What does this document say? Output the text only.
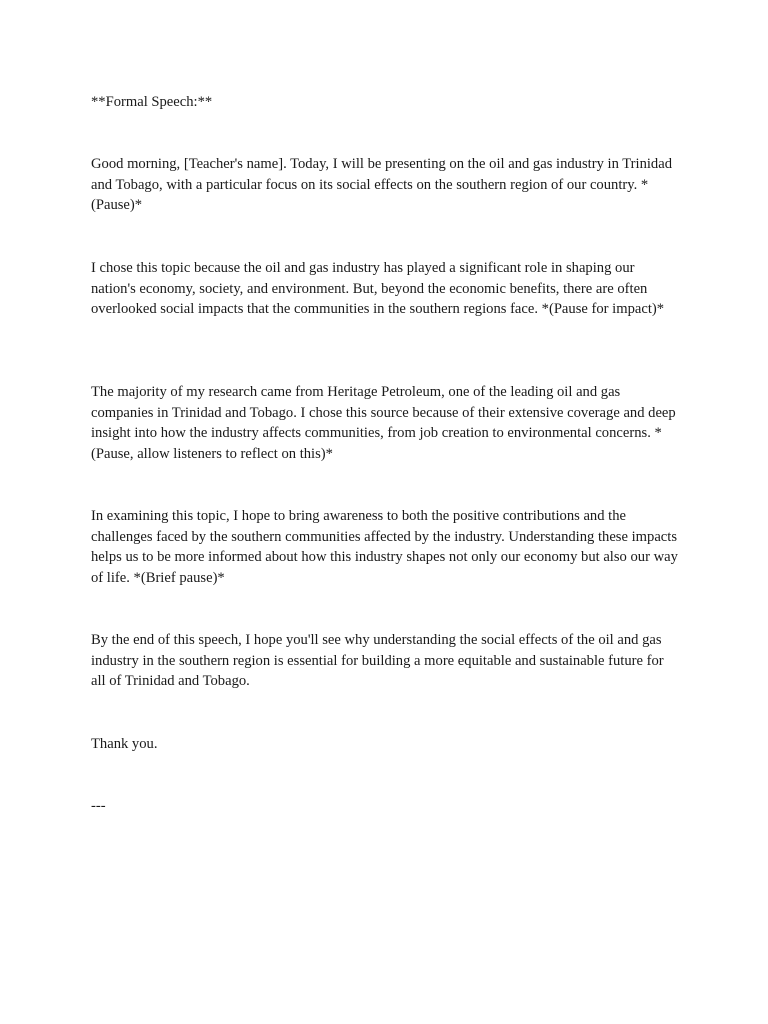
**Formal Speech:**

Good morning, [Teacher's name]. Today, I will be presenting on the oil and gas industry in Trinidad and Tobago, with a particular focus on its social effects on the southern region of our country. *(Pause)*

I chose this topic because the oil and gas industry has played a significant role in shaping our nation's economy, society, and environment. But, beyond the economic benefits, there are often overlooked social impacts that the communities in the southern regions face. *(Pause for impact)*

The majority of my research came from Heritage Petroleum, one of the leading oil and gas companies in Trinidad and Tobago. I chose this source because of their extensive coverage and deep insight into how the industry affects communities, from job creation to environmental concerns. *(Pause, allow listeners to reflect on this)*

In examining this topic, I hope to bring awareness to both the positive contributions and the challenges faced by the southern communities affected by the industry. Understanding these impacts helps us to be more informed about how this industry shapes not only our economy but also our way of life. *(Brief pause)*

By the end of this speech, I hope you'll see why understanding the social effects of the oil and gas industry in the southern region is essential for building a more equitable and sustainable future for all of Trinidad and Tobago.

Thank you.

---
